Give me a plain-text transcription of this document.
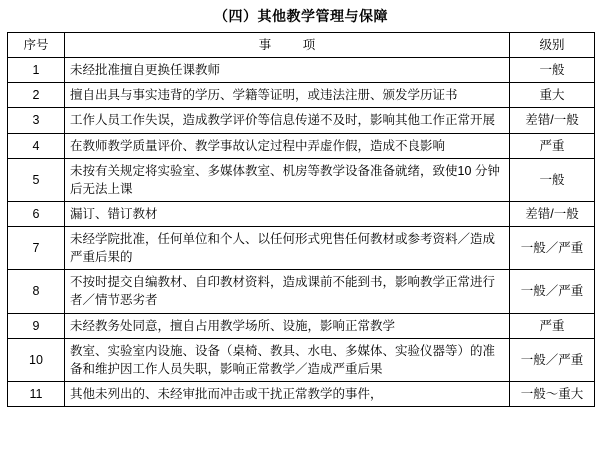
（四）其他教学管理与保障
序号	事 项	级别
1	未经批准擅自更换任课教师	一般
2	擅自出具与事实违背的学历、学籍等证明，或违法注册、颁发学历证书	重大
3	工作人员工作失误，造成教学评价等信息传递不及时，影响其他工作正常开展	差错/一般
4	在教师教学质量评价、教学事故认定过程中弄虚作假，造成不良影响	严重
5	未按有关规定将实验室、多媒体教室、机房等教学设备准备就绪，致使10 分钟后无法上课	一般
6	漏订、错订教材	差错/一般
7	未经学院批准，任何单位和个人、以任何形式兜售任何教材或参考资料／造成严重后果的	一般／严重
8	不按时提交自编教材、自印教材资料，造成课前不能到书，影响教学正常进行者／情节恶劣者	一般／严重
9	未经教务处同意，擅自占用教学场所、设施，影响正常教学	严重
10	教室、实验室内设施、设备（桌椅、教具、水电、多媒体、实验仪器等）的准备和维护因工作人员失职，影响正常教学／造成严重后果	一般／严重
11	其他未列出的、未经审批而冲击或干扰正常教学的事件，	一般～重大
